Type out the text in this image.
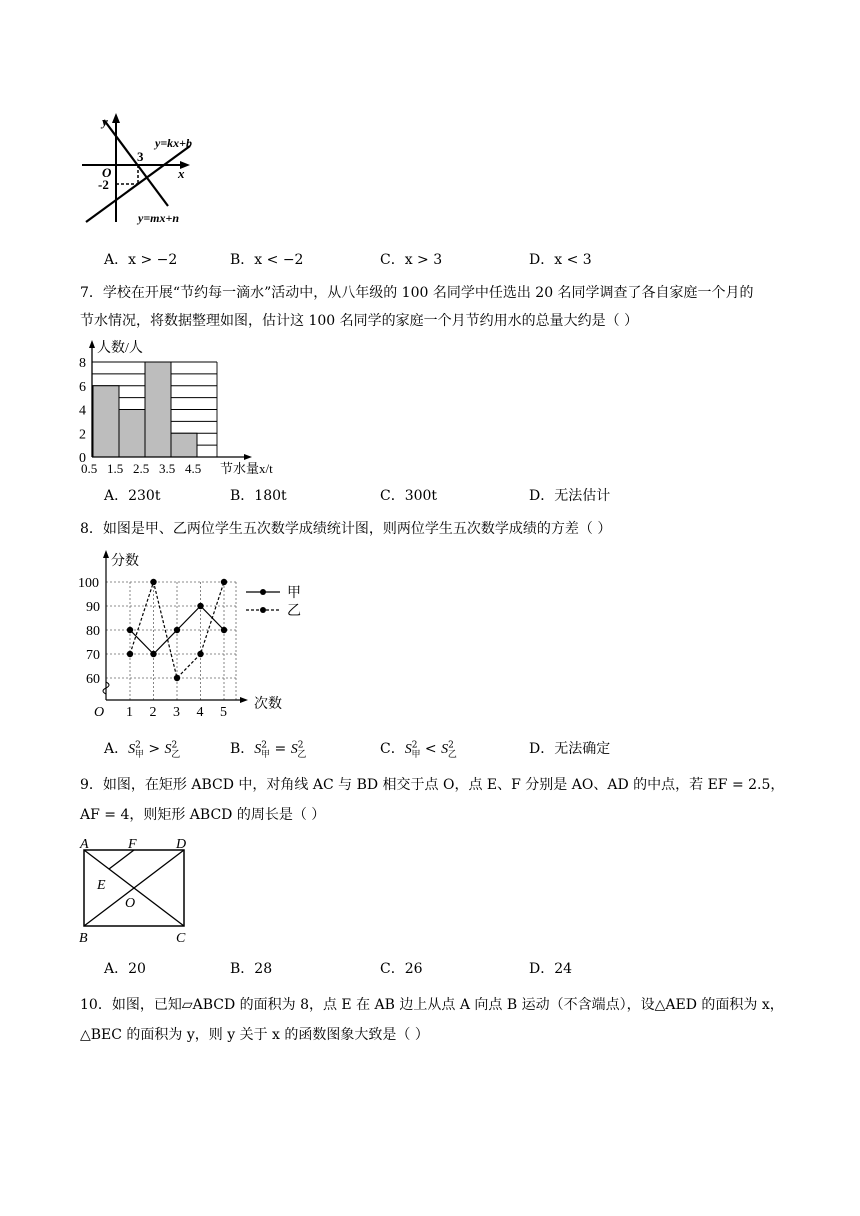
y
x
O
3
-2
y=kx+b
y=mx+n
A．x > −2	B．x < −2	C．x > 3	D．x < 3
7．学校在开展“节约每一滴水”活动中，从八年级的 100 名同学中任选出 20 名同学调查了各自家庭一个月的
节水情况，将数据整理如图，估计这 100 名同学的家庭一个月节约用水的总量大约是（ ）
0
2
4
6
8
0.5 1.5 2.5 3.5 4.5
人数/人
节水量x/t
A．230t	B．180t	C．300t	D．无法估计
8．如图是甲、乙两位学生五次数学成绩统计图，则两位学生五次数学成绩的方差（ ）
60
70
80
90
100
1 2 3 4 5
O
分数
次数
甲
乙
A．$S^2_甲 > S^2_乙$	B．$S^2_甲 = S^2_乙$	C．$S^2_甲 < S^2_乙$	D．无法确定
9．如图，在矩形 ABCD 中，对角线 AC 与 BD 相交于点 O，点 E、F 分别是 AO、AD 的中点，若 EF = 2.5，
AF = 4，则矩形 ABCD 的周长是（ ）
A	F	D
E
O
B	C
A．20	B．28	C．26	D．24
10．如图，已知▱ABCD 的面积为 8，点 E 在 AB 边上从点 A 向点 B 运动（不含端点），设△AED 的面积为 x，
△BEC 的面积为 y，则 y 关于 x 的函数图象大致是（ ）
